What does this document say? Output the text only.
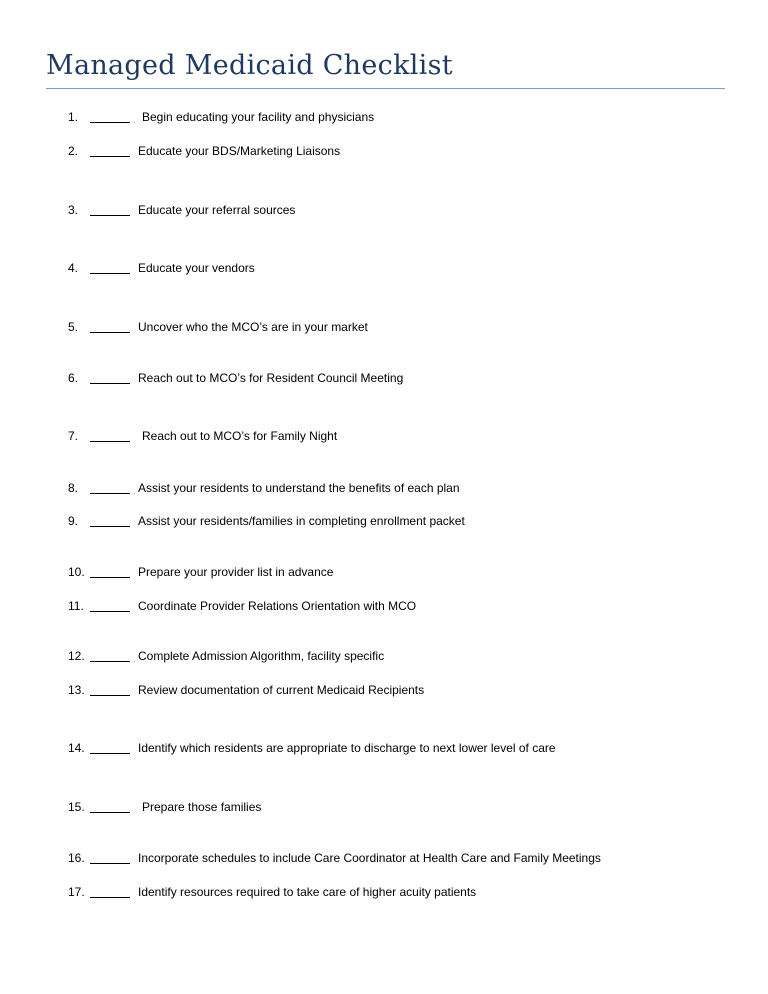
Managed Medicaid Checklist
1.	Begin educating your facility and physicians
2.	Educate your BDS/Marketing Liaisons
3.	Educate your referral sources
4.	Educate your vendors
5.	Uncover who the MCO’s are in your market
6.	Reach out to MCO’s for Resident Council Meeting
7.	Reach out to MCO’s for Family Night
8.	Assist your residents to understand the benefits of each plan
9.	Assist your residents/families in completing enrollment packet
10.	Prepare your provider list in advance
11.	Coordinate Provider Relations Orientation with MCO
12.	Complete Admission Algorithm, facility specific
13.	Review documentation of current Medicaid Recipients
14.	Identify which residents are appropriate to discharge to next lower level of care
15.	Prepare those families
16.	Incorporate schedules to include Care Coordinator at Health Care and Family Meetings
17.	Identify resources required to take care of higher acuity patients
